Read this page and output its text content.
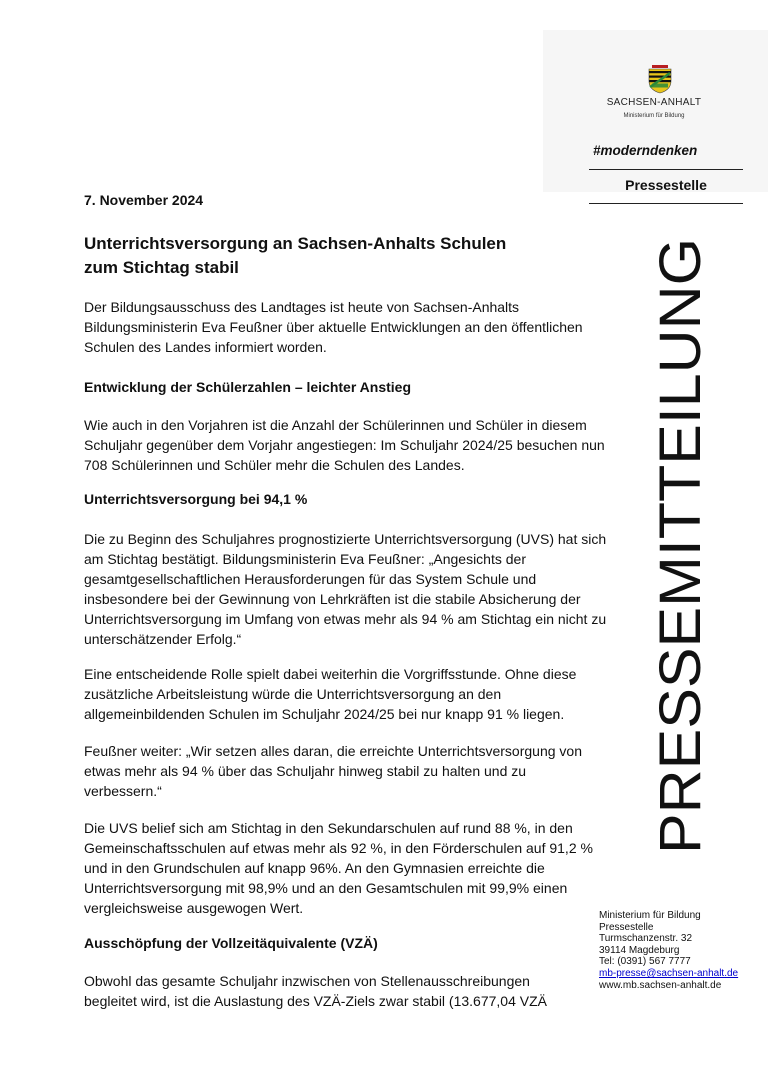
SACHSEN-ANHALT
Ministerium für Bildung
#moderndenken
Pressestelle
PRESSEMITTEILUNG
7. November 2024
Unterrichtsversorgung an Sachsen-Anhalts Schulen
zum Stichtag stabil
Der Bildungsausschuss des Landtages ist heute von Sachsen-Anhalts
Bildungsministerin Eva Feußner über aktuelle Entwicklungen an den öffentlichen
Schulen des Landes informiert worden.
Entwicklung der Schülerzahlen – leichter Anstieg
Wie auch in den Vorjahren ist die Anzahl der Schülerinnen und Schüler in diesem
Schuljahr gegenüber dem Vorjahr angestiegen: Im Schuljahr 2024/25 besuchen nun
708 Schülerinnen und Schüler mehr die Schulen des Landes.
Unterrichtsversorgung bei 94,1 %
Die zu Beginn des Schuljahres prognostizierte Unterrichtsversorgung (UVS) hat sich
am Stichtag bestätigt. Bildungsministerin Eva Feußner: „Angesichts der
gesamtgesellschaftlichen Herausforderungen für das System Schule und
insbesondere bei der Gewinnung von Lehrkräften ist die stabile Absicherung der
Unterrichtsversorgung im Umfang von etwas mehr als 94 % am Stichtag ein nicht zu
unterschätzender Erfolg.“
Eine entscheidende Rolle spielt dabei weiterhin die Vorgriffsstunde. Ohne diese
zusätzliche Arbeitsleistung würde die Unterrichtsversorgung an den
allgemeinbildenden Schulen im Schuljahr 2024/25 bei nur knapp 91 % liegen.
Feußner weiter: „Wir setzen alles daran, die erreichte Unterrichtsversorgung von
etwas mehr als 94 % über das Schuljahr hinweg stabil zu halten und zu
verbessern.“
Die UVS belief sich am Stichtag in den Sekundarschulen auf rund 88 %, in den
Gemeinschaftsschulen auf etwas mehr als 92 %, in den Förderschulen auf 91,2 %
und in den Grundschulen auf knapp 96%. An den Gymnasien erreichte die
Unterrichtsversorgung mit 98,9% und an den Gesamtschulen mit 99,9% einen
vergleichsweise ausgewogen Wert.
Ausschöpfung der Vollzeitäquivalente (VZÄ)
Obwohl das gesamte Schuljahr inzwischen von Stellenausschreibungen
begleitet wird, ist die Auslastung des VZÄ-Ziels zwar stabil (13.677,04 VZÄ
Ministerium für Bildung
Pressestelle
Turmschanzenstr. 32
39114 Magdeburg
Tel: (0391) 567 7777
mb-presse@sachsen-anhalt.de
www.mb.sachsen-anhalt.de
